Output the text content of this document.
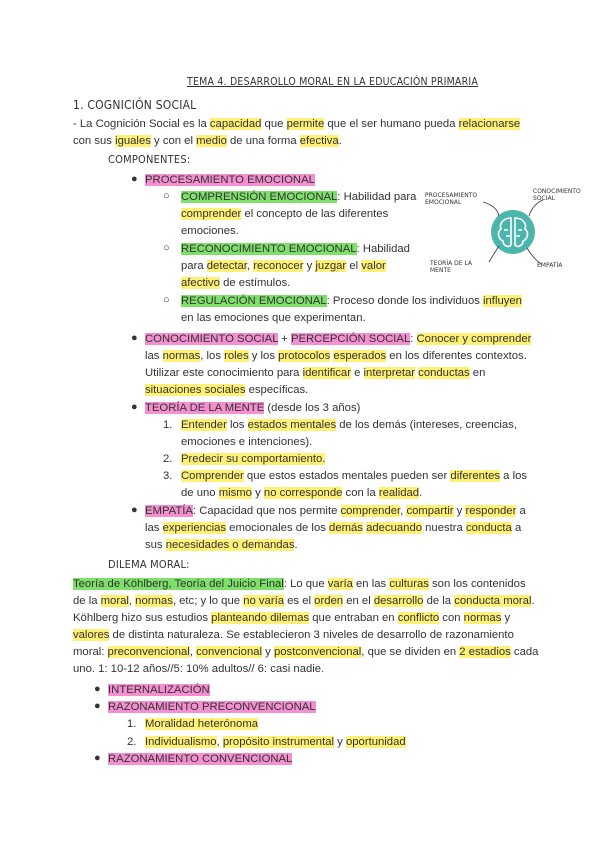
TEMA 4. DESARROLLO MORAL EN LA EDUCACIÓN PRIMARIA
1. COGNICIÓN SOCIAL
- La Cognición Social es la capacidad que permite que el ser humano pueda relacionarse
con sus iguales y con el medio de una forma efectiva.
COMPONENTES:
● PROCESAMIENTO EMOCIONAL
○ COMPRENSIÓN EMOCIONAL: Habilidad para
comprender el concepto de las diferentes
emociones.
○ RECONOCIMIENTO EMOCIONAL: Habilidad
para detectar, reconocer y juzgar el valor
afectivo de estímulos.
○ REGULACIÓN EMOCIONAL: Proceso donde los individuos influyen
en las emociones que experimentan.
PROCESAMIENTO
EMOCIONAL
CONOCIMIENTO
SOCIAL
TEORÍA DE LA
MENTE
EMPATÍA
● CONOCIMIENTO SOCIAL + PERCEPCIÓN SOCIAL: Conocer y comprender
las normas, los roles y los protocolos esperados en los diferentes contextos.
Utilizar este conocimiento para identificar e interpretar conductas en
situaciones sociales específicas.
● TEORÍA DE LA MENTE (desde los 3 años)
1. Entender los estados mentales de los demás (intereses, creencias,
emociones e intenciones).
2. Predecir su comportamiento.
3. Comprender que estos estados mentales pueden ser diferentes a los
de uno mismo y no corresponde con la realidad.
● EMPATÍA: Capacidad que nos permite comprender, compartir y responder a
las experiencias emocionales de los demás adecuando nuestra conducta a
sus necesidades o demandas.
DILEMA MORAL:
Teoría de Köhlberg, Teoría del Juicio Final: Lo que varía en las culturas son los contenidos
de la moral, normas, etc; y lo que no varía es el orden en el desarrollo de la conducta moral.
Köhlberg hizo sus estudios planteando dilemas que entraban en conflicto con normas y
valores de distinta naturaleza. Se establecieron 3 niveles de desarrollo de razonamiento
moral: preconvencional, convencional y postconvencional, que se dividen en 2 estadios cada
uno. 1: 10-12 años//5: 10% adultos// 6: casi nadie.
● INTERNALIZACIÓN
● RAZONAMIENTO PRECONVENCIONAL
1. Moralidad heterónoma
2. Individualismo, propósito instrumental y oportunidad
● RAZONAMIENTO CONVENCIONAL
